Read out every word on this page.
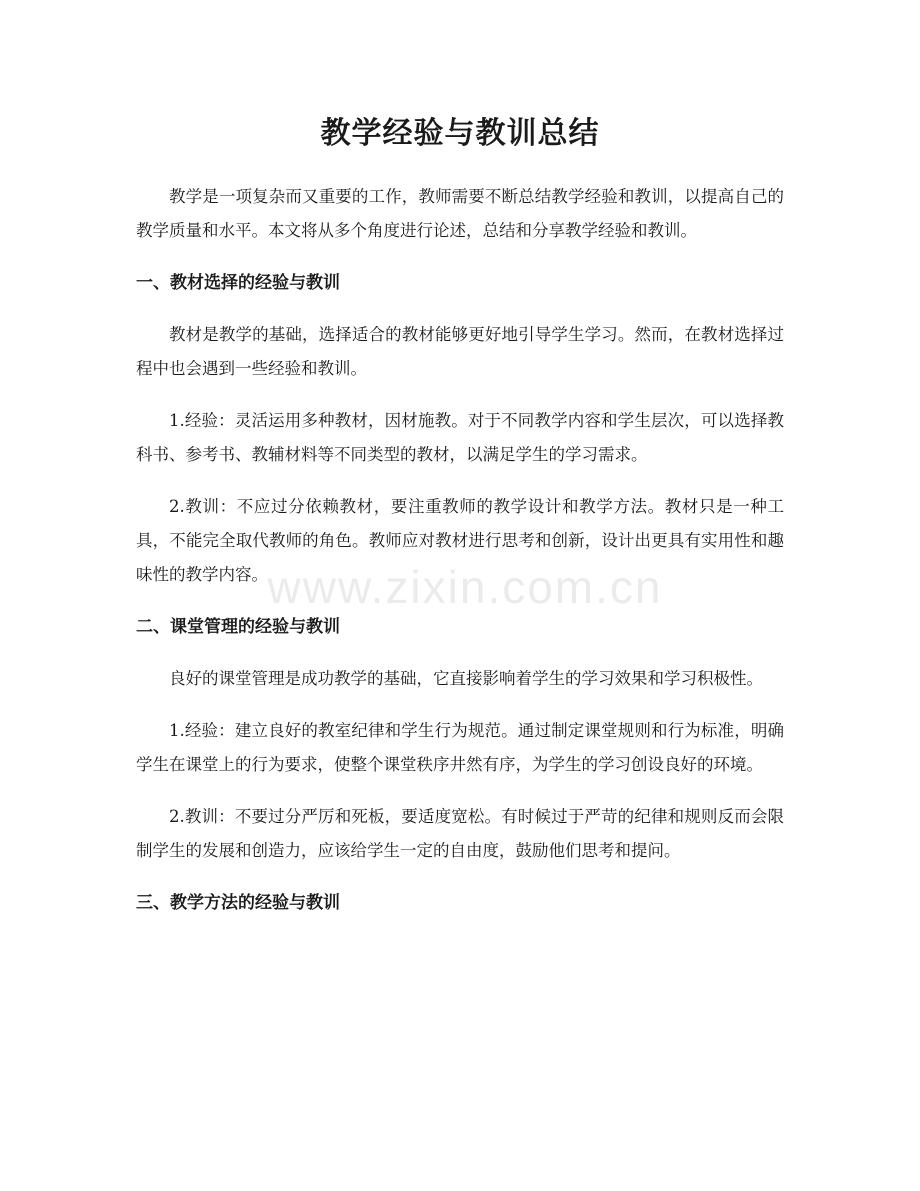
教学经验与教训总结

教学是一项复杂而又重要的工作，教师需要不断总结教学经验和教训，以提高自己的教学质量和水平。本文将从多个角度进行论述，总结和分享教学经验和教训。

一、教材选择的经验与教训

教材是教学的基础，选择适合的教材能够更好地引导学生学习。然而，在教材选择过程中也会遇到一些经验和教训。

1.经验：灵活运用多种教材，因材施教。对于不同教学内容和学生层次，可以选择教科书、参考书、教辅材料等不同类型的教材，以满足学生的学习需求。

2.教训：不应过分依赖教材，要注重教师的教学设计和教学方法。教材只是一种工具，不能完全取代教师的角色。教师应对教材进行思考和创新，设计出更具有实用性和趣味性的教学内容。

二、课堂管理的经验与教训

良好的课堂管理是成功教学的基础，它直接影响着学生的学习效果和学习积极性。

1.经验：建立良好的教室纪律和学生行为规范。通过制定课堂规则和行为标准，明确学生在课堂上的行为要求，使整个课堂秩序井然有序，为学生的学习创设良好的环境。

2.教训：不要过分严厉和死板，要适度宽松。有时候过于严苛的纪律和规则反而会限制学生的发展和创造力，应该给学生一定的自由度，鼓励他们思考和提问。

三、教学方法的经验与教训
www.zixin.com.cn
